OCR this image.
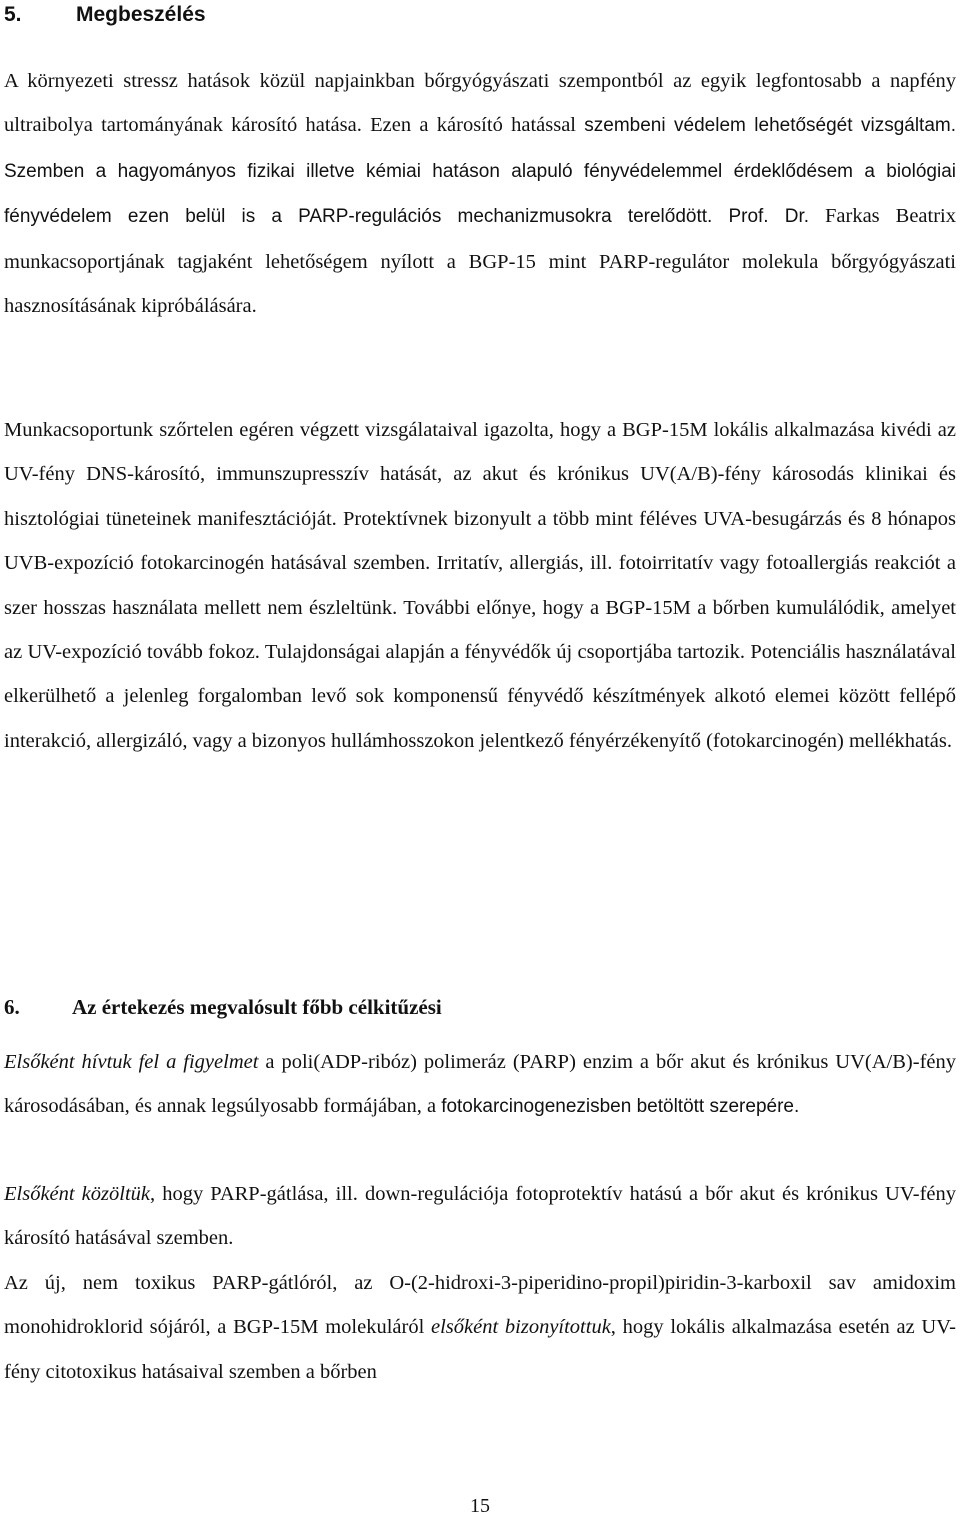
5.	Megbeszélés

A környezeti stressz hatások közül napjainkban bőrgyógyászati szempontból az egyik legfontosabb a napfény ultraibolya tartományának károsító hatása. Ezen a károsító hatással szembeni védelem lehetőségét vizsgáltam. Szemben a hagyományos fizikai illetve kémiai hatáson alapuló fényvédelemmel érdeklődésem a biológiai fényvédelem ezen belül is a PARP-regulációs mechanizmusokra terelődött. Prof. Dr. Farkas Beatrix munkacsoportjának tagjaként lehetőségem nyílott a BGP-15 mint PARP-regulátor molekula bőrgyógyászati hasznosításának kipróbálására.

Munkacsoportunk szőrtelen egéren végzett vizsgálataival igazolta, hogy a BGP-15M lokális alkalmazása kivédi az UV-fény DNS-károsító, immunszupresszív hatását, az akut és krónikus UV(A/B)-fény károsodás klinikai és hisztológiai tüneteinek manifesztációját. Protektívnek bizonyult a több mint féléves UVA-besugárzás és 8 hónapos UVB-expozíció fotokarcinogén hatásával szemben. Irritatív, allergiás, ill. fotoirritatív vagy fotoallergiás reakciót a szer hosszas használata mellett nem észleltünk. További előnye, hogy a BGP-15M a bőrben kumulálódik, amelyet az UV-expozíció tovább fokoz. Tulajdonságai alapján a fényvédők új csoportjába tartozik. Potenciális használatával elkerülhető a jelenleg forgalomban levő sok komponensű fényvédő készítmények alkotó elemei között fellépő interakció, allergizáló, vagy a bizonyos hullámhosszokon jelentkező fényérzékenyítő (fotokarcinogén) mellékhatás.

6. Az értekezés megvalósult főbb célkitűzési

Elsőként hívtuk fel a figyelmet a poli(ADP-ribóz) polimeráz (PARP) enzim a bőr akut és krónikus UV(A/B)-fény károsodásában, és annak legsúlyosabb formájában, a fotokarcinogenezisben betöltött szerepére.

Elsőként közöltük, hogy PARP-gátlása, ill. down-regulációja fotoprotektív hatású a bőr akut és krónikus UV-fény károsító hatásával szemben.

Az új, nem toxikus PARP-gátlóról, az O-(2-hidroxi-3-piperidino-propil)piridin-3-karboxil sav amidoxim monohidroklorid sójáról, a BGP-15M molekuláról elsőként bizonyítottuk, hogy lokális alkalmazása esetén az UV-fény citotoxikus hatásaival szemben a bőrben

15
